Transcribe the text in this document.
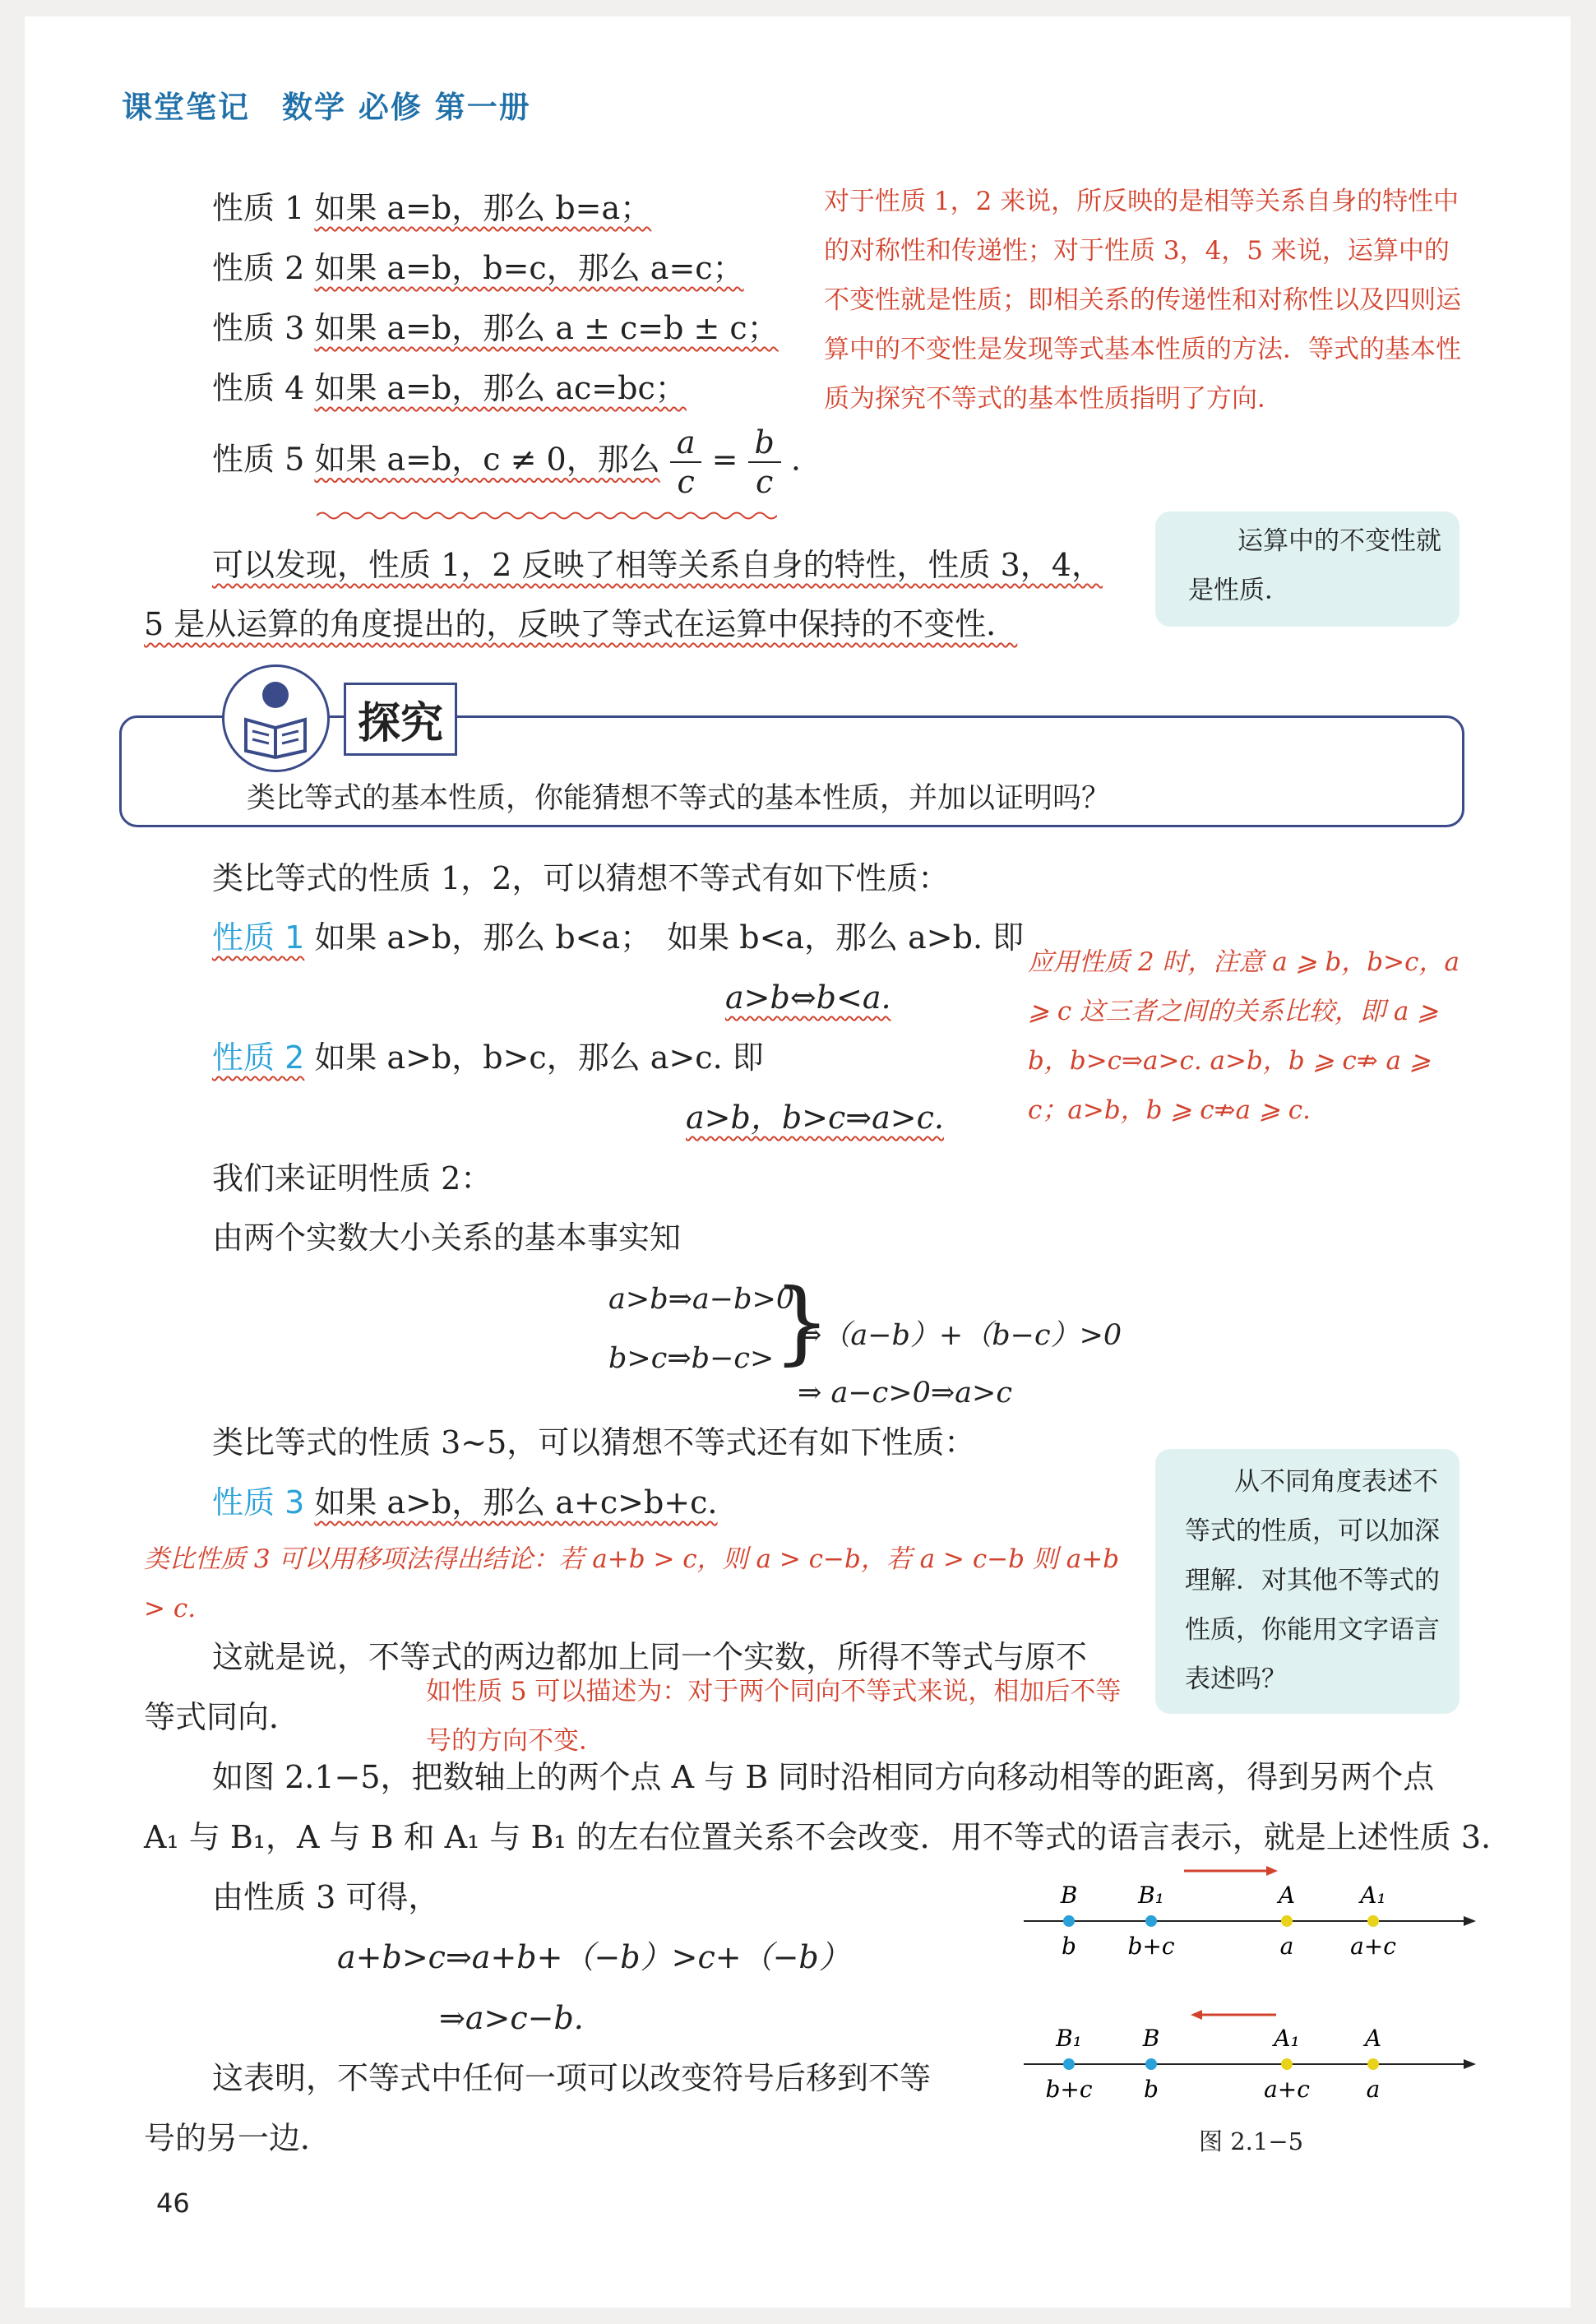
课堂笔记　数学 必修 第一册
性质 1 如果 a=b，那么 b=a；
性质 2 如果 a=b，b=c，那么 a=c；
性质 3 如果 a=b，那么 a ± c=b ± c；
性质 4 如果 a=b，那么 ac=bc；
性质 5 如果 a=b，c ≠ 0，那么 $\frac{a}{c} = \frac{b}{c}$ .
对于性质 1，2 来说，所反映的是相等关系自身的特性中的对称性和传递性；对于性质 3，4，5 来说，运算中的不变性就是性质；即相关系的传递性和对称性以及四则运算中的不变性是发现等式基本性质的方法．等式的基本性质为探究不等式的基本性质指明了方向．
可以发现，性质 1，2 反映了相等关系自身的特性，性质 3，4，
5 是从运算的角度提出的，反映了等式在运算中保持的不变性．
运算中的不变性就是性质．
探究
类比等式的基本性质，你能猜想不等式的基本性质，并加以证明吗？
类比等式的性质 1，2，可以猜想不等式有如下性质：
性质 1 如果 a>b，那么 b<a；　如果 b<a，那么 a>b. 即
a>b⇔b<a.
性质 2 如果 a>b，b>c，那么 a>c. 即
a>b，b>c⇒a>c.
应用性质 2 时，注意 a ⩾ b，b>c，a ⩾ c 这三者之间的关系比较，即 a ⩾ b，b>c⇒a>c. a>b，b ⩾ c⇏ a ⩾ c；a>b，b ⩾ c⇏a ⩾ c.
我们来证明性质 2：
由两个实数大小关系的基本事实知
a>b⇒a−b>0
b>c⇒b−c>
}
⇒（a−b）+（b−c）>0
⇒ a−c>0⇒a>c
类比等式的性质 3~5，可以猜想不等式还有如下性质：
性质 3 如果 a>b，那么 a+c>b+c.
类比性质 3 可以用移项法得出结论：若 a+b > c，则 a > c−b，若 a > c−b 则 a+b > c.
从不同角度表述不等式的性质，可以加深理解．对其他不等式的性质，你能用文字语言表述吗？
这就是说，不等式的两边都加上同一个实数，所得不等式与原不
等式同向．
如性质 5 可以描述为：对于两个同向不等式来说，相加后不等号的方向不变．
如图 2.1−5，把数轴上的两个点 A 与 B 同时沿相同方向移动相等的距离，得到另两个点
A₁ 与 B₁，A 与 B 和 A₁ 与 B₁ 的左右位置关系不会改变．用不等式的语言表示，就是上述性质 3.
由性质 3 可得，
a+b>c⇒a+b+（−b）>c+（−b）
⇒a>c−b.
这表明，不等式中任何一项可以改变符号后移到不等
号的另一边．
B
b
B₁
b+c
A
a
A₁
a+c
B₁
b+c
B
b
A₁
a+c
A
a
图 2.1−5
46
